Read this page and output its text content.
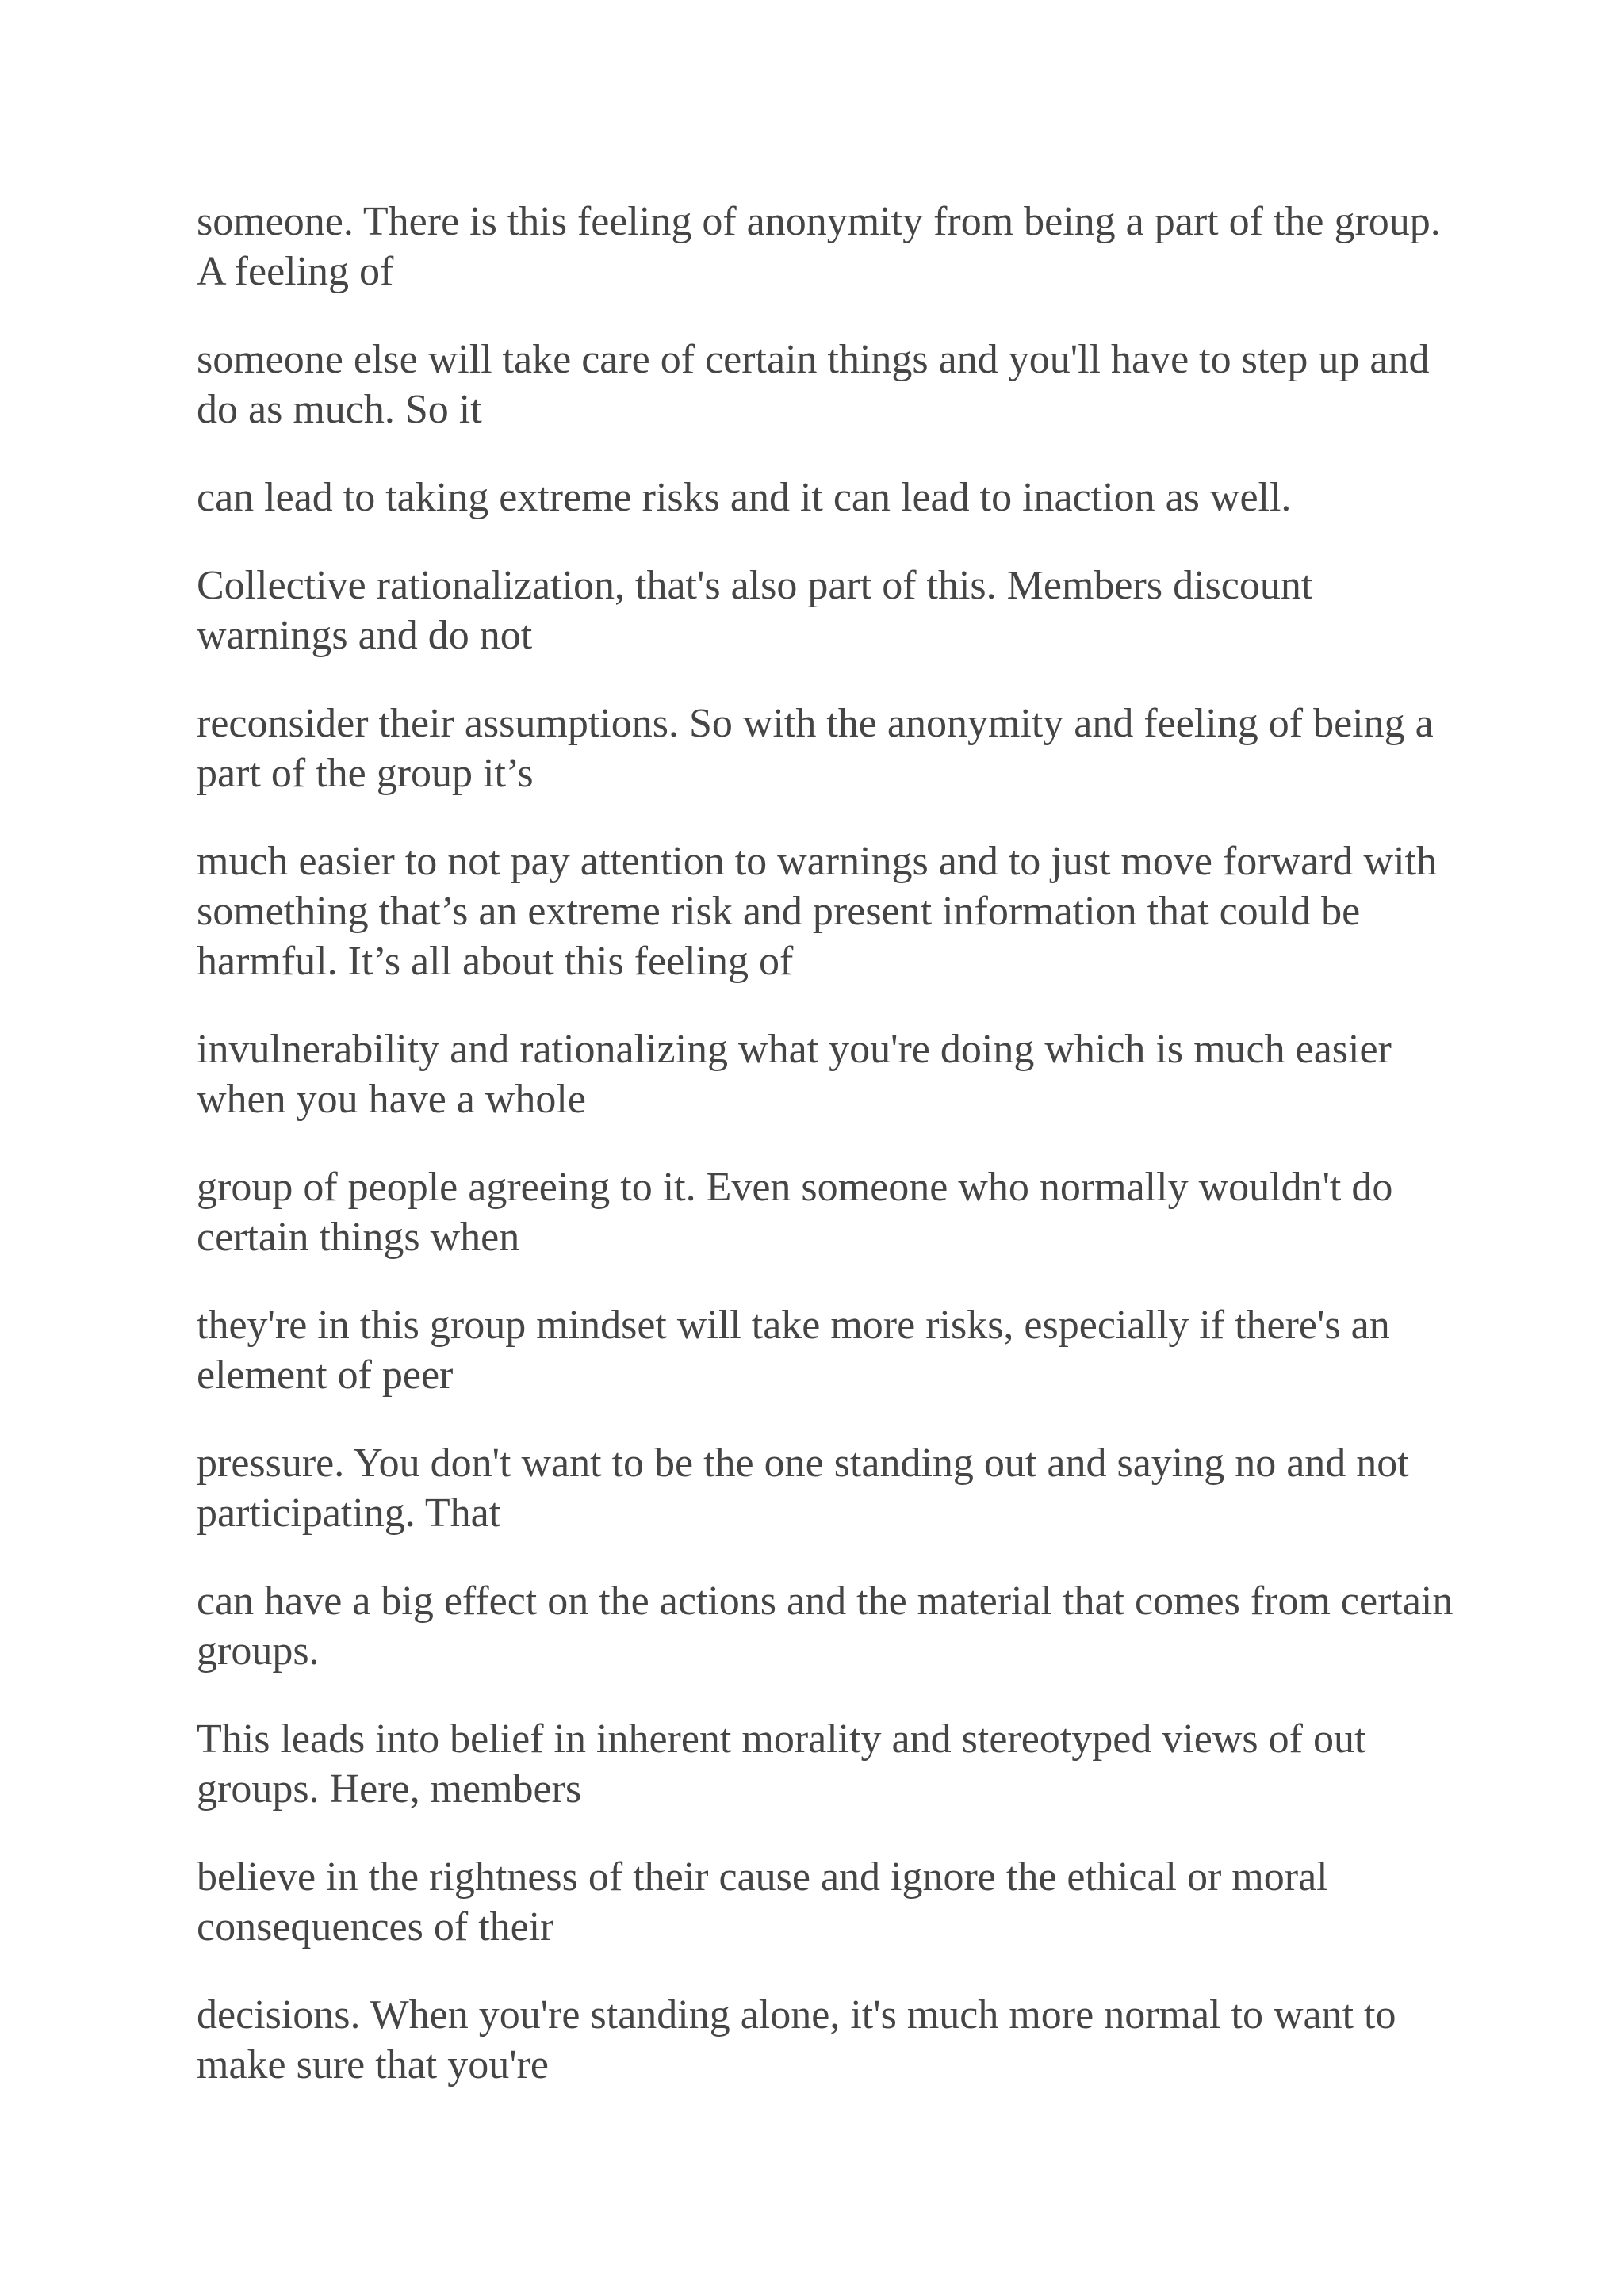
someone. There is this feeling of anonymity from being a part of the group. A feeling of

someone else will take care of certain things and you'll have to step up and do as much. So it

can lead to taking extreme risks and it can lead to inaction as well.

Collective rationalization, that's also part of this. Members discount warnings and do not

reconsider their assumptions. So with the anonymity and feeling of being a part of the group it’s

much easier to not pay attention to warnings and to just move forward with something that’s an extreme risk and present information that could be harmful. It’s all about this feeling of

invulnerability and rationalizing what you're doing which is much easier when you have a whole

group of people agreeing to it. Even someone who normally wouldn't do certain things when

they're in this group mindset will take more risks, especially if there's an element of peer

pressure. You don't want to be the one standing out and saying no and not participating. That

can have a big effect on the actions and the material that comes from certain groups.

This leads into belief in inherent morality and stereotyped views of out groups. Here, members

believe in the rightness of their cause and ignore the ethical or moral consequences of their

decisions. When you're standing alone, it's much more normal to want to make sure that you're
